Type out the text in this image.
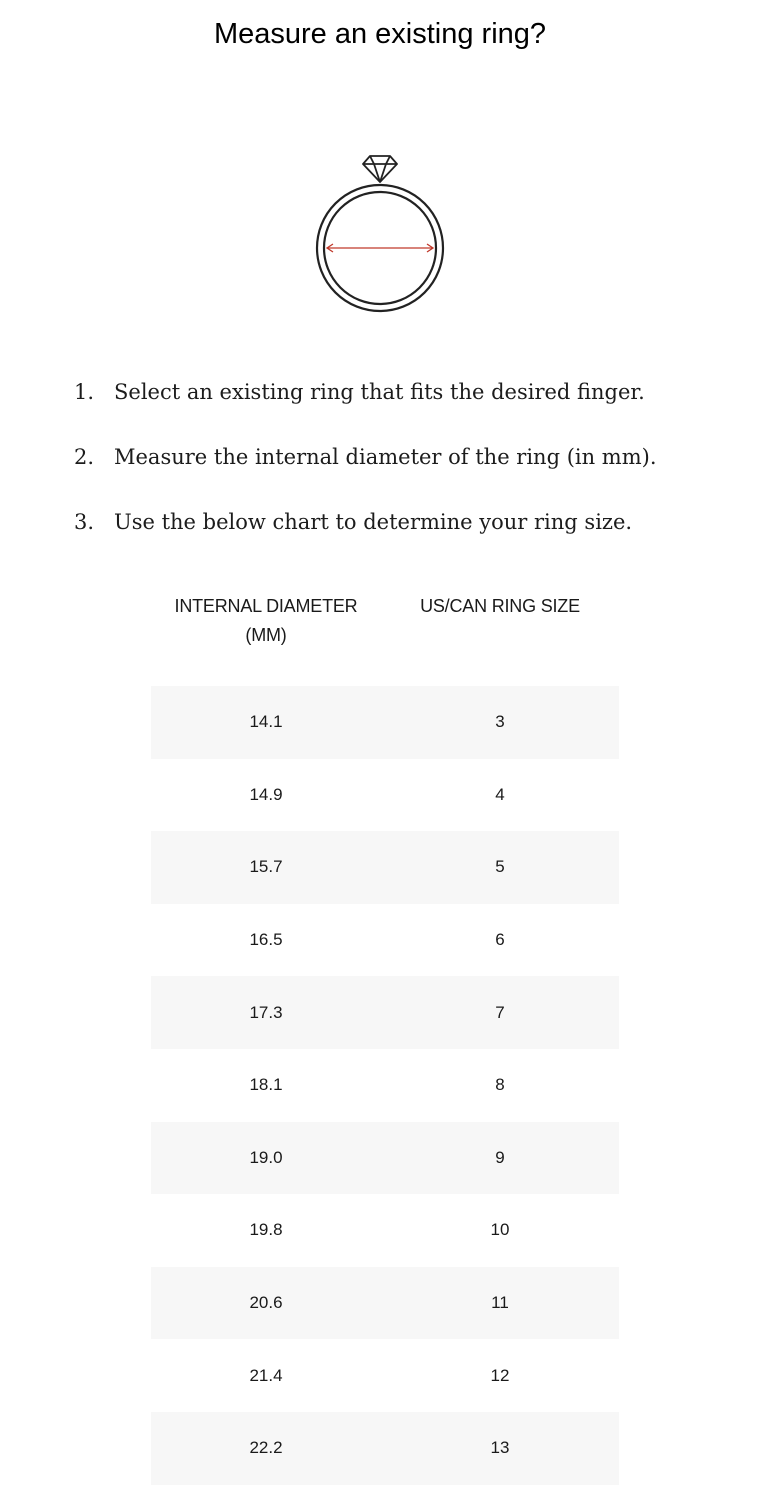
Measure an existing ring?
1. Select an existing ring that fits the desired finger.
2. Measure the internal diameter of the ring (in mm).
3. Use the below chart to determine your ring size.
INTERNAL DIAMETER
(MM)	US/CAN RING SIZE
14.1	3
14.9	4
15.7	5
16.5	6
17.3	7
18.1	8
19.0	9
19.8	10
20.6	11
21.4	12
22.2	13
